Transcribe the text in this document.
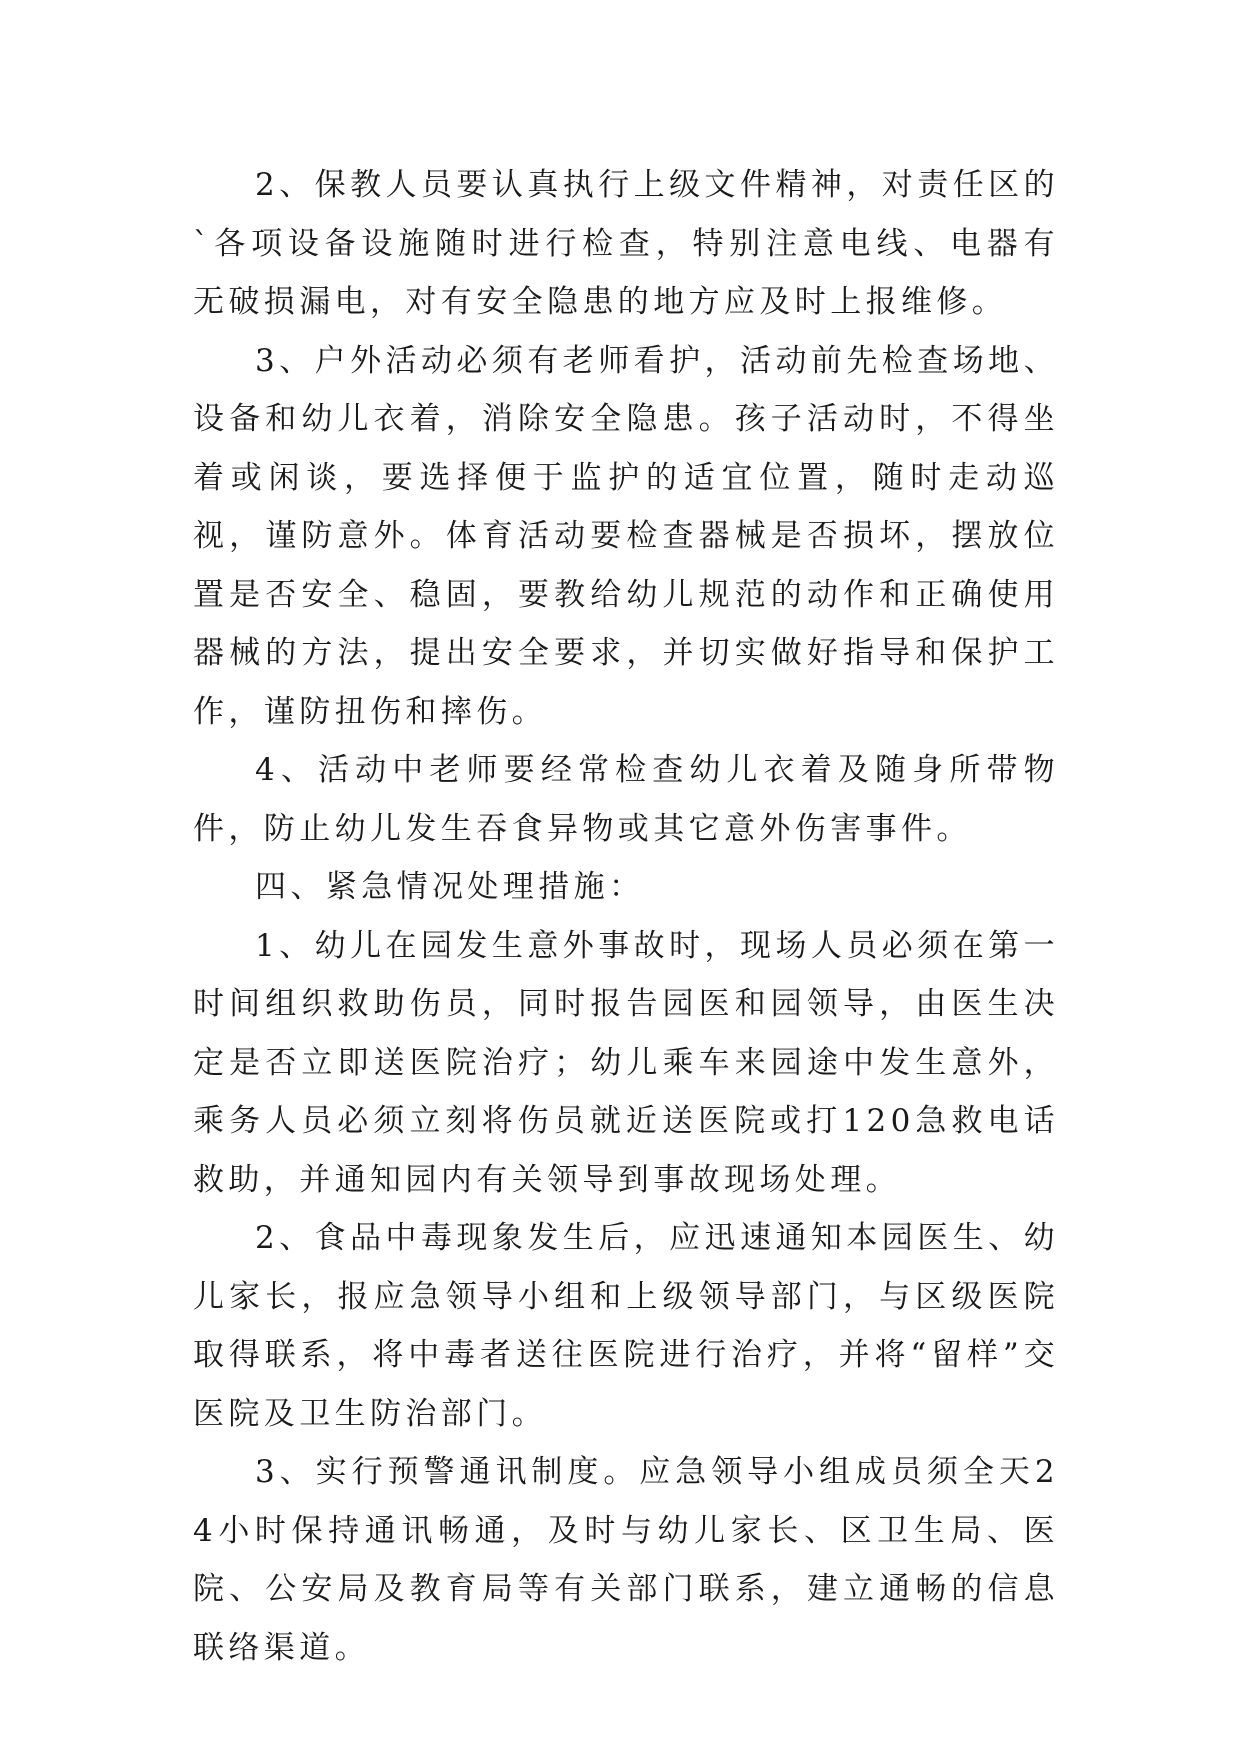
2、保教人员要认真执行上级文件精神，对责任区的`各项设备设施随时进行检查，特别注意电线、电器有无破损漏电，对有安全隐患的地方应及时上报维修。

3、户外活动必须有老师看护，活动前先检查场地、设备和幼儿衣着，消除安全隐患。孩子活动时，不得坐着或闲谈，要选择便于监护的适宜位置，随时走动巡视，谨防意外。体育活动要检查器械是否损坏，摆放位置是否安全、稳固，要教给幼儿规范的动作和正确使用器械的方法，提出安全要求，并切实做好指导和保护工作，谨防扭伤和摔伤。

4、活动中老师要经常检查幼儿衣着及随身所带物件，防止幼儿发生吞食异物或其它意外伤害事件。

四、紧急情况处理措施：

1、幼儿在园发生意外事故时，现场人员必须在第一时间组织救助伤员，同时报告园医和园领导，由医生决定是否立即送医院治疗；幼儿乘车来园途中发生意外，乘务人员必须立刻将伤员就近送医院或打120急救电话救助，并通知园内有关领导到事故现场处理。

2、食品中毒现象发生后，应迅速通知本园医生、幼儿家长，报应急领导小组和上级领导部门，与区级医院取得联系，将中毒者送往医院进行治疗，并将“留样”交医院及卫生防治部门。

3、实行预警通讯制度。应急领导小组成员须全天24小时保持通讯畅通，及时与幼儿家长、区卫生局、医院、公安局及教育局等有关部门联系，建立通畅的信息联络渠道。
